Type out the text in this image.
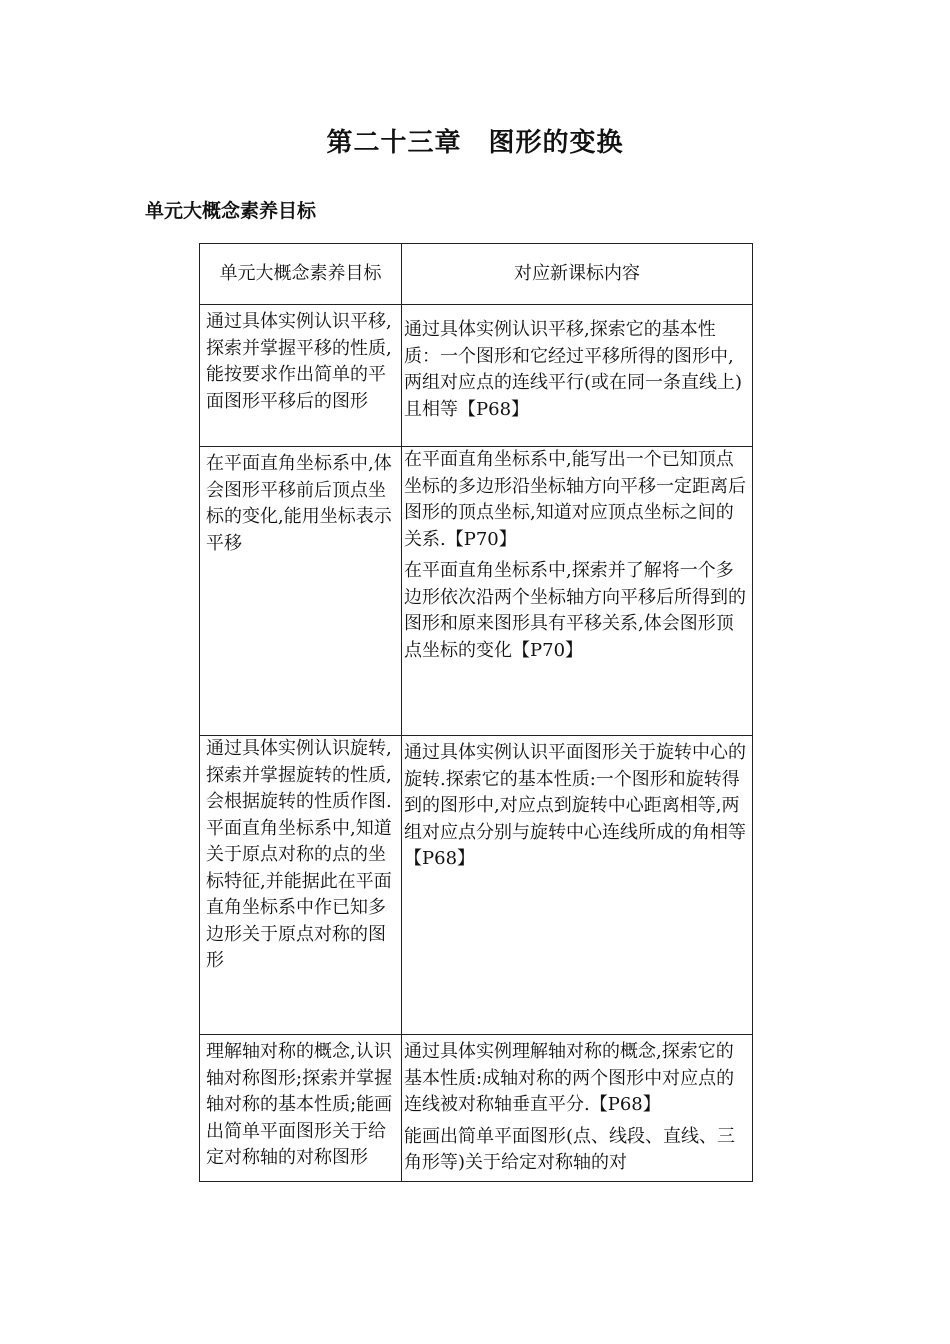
第二十三章　图形的变换
单元大概念素养目标
单元大概念素养目标	对应新课标内容
通过具体实例认识平移,探索并掌握平移的性质,能按要求作出简单的平面图形平移后的图形	通过具体实例认识平移,探索它的基本性质：一个图形和它经过平移所得的图形中,两组对应点的连线平行(或在同一条直线上)且相等【P68】

在平面直角坐标系中,体会图形平移前后顶点坐标的变化,能用坐标表示平移	在平面直角坐标系中,能写出一个已知顶点坐标的多边形沿坐标轴方向平移一定距离后图形的顶点坐标,知道对应顶点坐标之间的关系.【P70】
在平面直角坐标系中,探索并了解将一个多边形依次沿两个坐标轴方向平移后所得到的图形和原来图形具有平移关系,体会图形顶点坐标的变化【P70】

通过具体实例认识旋转,探索并掌握旋转的性质,会根据旋转的性质作图.平面直角坐标系中,知道关于原点对称的点的坐标特征,并能据此在平面直角坐标系中作已知多边形关于原点对称的图形	通过具体实例认识平面图形关于旋转中心的旋转.探索它的基本性质:一个图形和旋转得到的图形中,对应点到旋转中心距离相等,两组对应点分别与旋转中心连线所成的角相等【P68】

理解轴对称的概念,认识轴对称图形;探索并掌握轴对称的基本性质;能画出简单平面图形关于给定对称轴的对称图形	通过具体实例理解轴对称的概念,探索它的基本性质:成轴对称的两个图形中对应点的连线被对称轴垂直平分.【P68】
能画出简单平面图形(点、线段、直线、三角形等)关于给定对称轴的对
